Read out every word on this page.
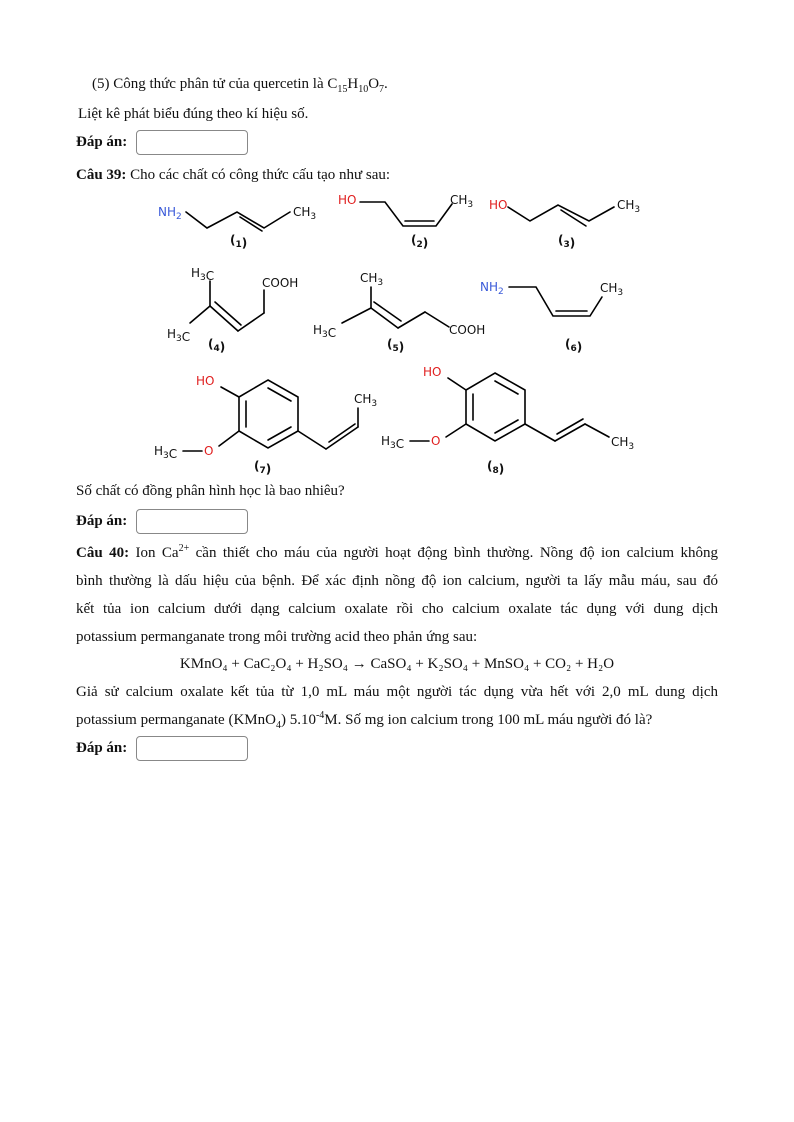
(5) Công thức phân tử của quercetin là $C_{15}H_{10}O_7$.
Liệt kê phát biểu đúng theo kí hiệu số.
Đáp án:
Câu 39: Cho các chất có công thức cấu tạo như sau:
$NH_2$	$CH_3$
HO	$CH_3$ HO	$CH_3$
$H_3C$	COOH
$H_3C$
$CH_3$
$H_3C$	COOH
$NH_2$	$CH_3$
HO
$CH_3$
$H_3C$ O
HO
$H_3C$ O	$CH_3$
$(_1)$	$(_2)$	$(_3)$
$(_4)$	$(_5)$	$(_6)$
$(_7)$	$(_8)$
Số chất có đồng phân hình học là bao nhiêu?
Đáp án:
Câu 40: Ion $Ca^{2+}$ cần thiết cho máu của người hoạt động bình thường. Nồng độ ion calcium không
bình thường là dấu hiệu của bệnh. Để xác định nồng độ ion calcium, người ta lấy mẫu máu, sau đó
kết tủa ion calcium dưới dạng calcium oxalate rồi cho calcium oxalate tác dụng với dung dịch
potassium permanganate trong môi trường acid theo phản ứng sau:
KMnO₄ + CaC₂O₄ + H₂SO₄ → CaSO₄ + K₂SO₄ + MnSO₄ + CO₂ + H₂O
Giả sử calcium oxalate kết tủa từ 1,0 mL máu một người tác dụng vừa hết với 2,0 mL dung dịch
potassium permanganate (KMnO$_4$) $5.10^{-4}M$. Số mg ion calcium trong 100 mL máu người đó là?
Đáp án:
